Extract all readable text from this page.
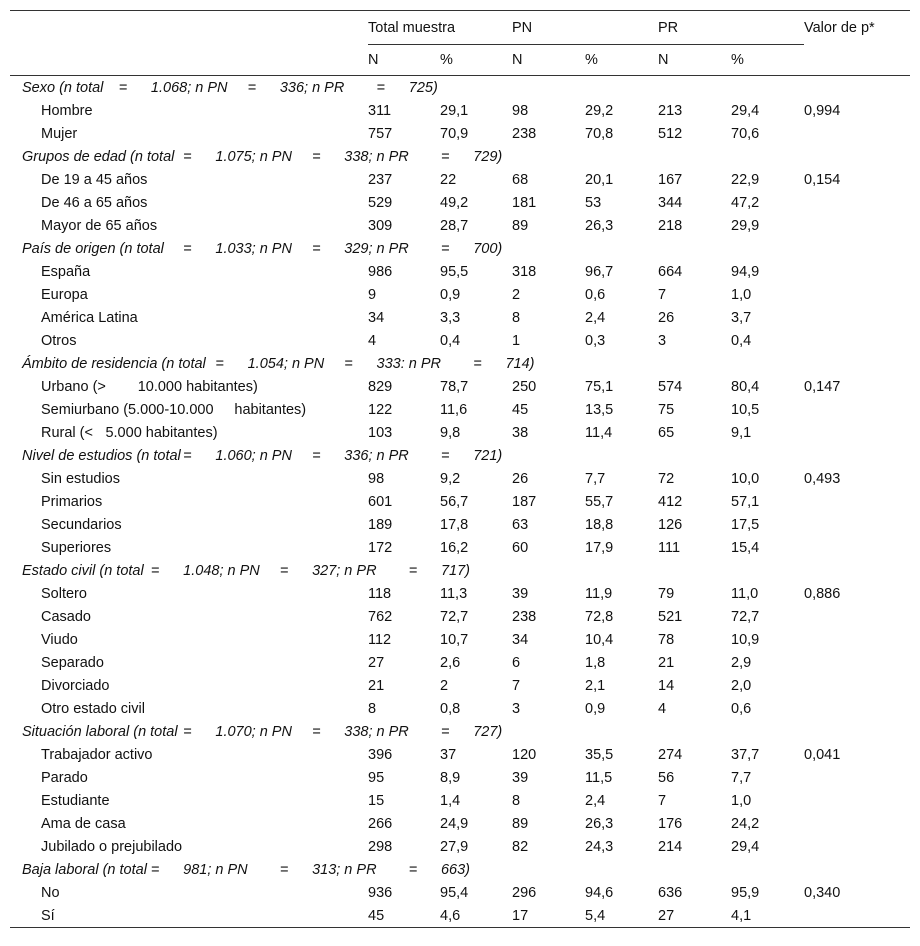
	Total muestra		PN		PR		Valor de p*
	N	%	N	%	N	%	
Sexo (n total	=	1.068; n PN	=	336; n PR	=	725)							
Hombre	311	29,1	98	29,2	213	29,4	0,994
Mujer	757	70,9	238	70,8	512	70,6	
Grupos de edad (n total	=	1.075; n PN	=	338; n PR	=	729)							
De 19 a 45 años	237	22	68	20,1	167	22,9	0,154
De 46 a 65 años	529	49,2	181	53	344	47,2	
Mayor de 65 años	309	28,7	89	26,3	218	29,9	
País de origen (n total	=	1.033; n PN	=	329; n PR	=	700)							
España	986	95,5	318	96,7	664	94,9	
Europa	9	0,9	2	0,6	7	1,0	
América Latina	34	3,3	8	2,4	26	3,7	
Otros	4	0,4	1	0,3	3	0,4	
Ámbito de residencia (n total	=	1.054; n PN	=	333: n PR	=	714)							
Urbano (>	10.000 habitantes)	829	78,7	250	75,1	574	80,4	0,147
Semiurbano (5.000-10.000	habitantes)	122	11,6	45	13,5	75	10,5	
Rural (<	5.000 habitantes)	103	9,8	38	11,4	65	9,1	
Nivel de estudios (n total	=	1.060; n PN	=	336; n PR	=	721)							
Sin estudios	98	9,2	26	7,7	72	10,0	0,493
Primarios	601	56,7	187	55,7	412	57,1	
Secundarios	189	17,8	63	18,8	126	17,5	
Superiores	172	16,2	60	17,9	111	15,4	
Estado civil (n total	=	1.048; n PN	=	327; n PR	=	717)							
Soltero	118	11,3	39	11,9	79	11,0	0,886
Casado	762	72,7	238	72,8	521	72,7	
Viudo	112	10,7	34	10,4	78	10,9	
Separado	27	2,6	6	1,8	21	2,9	
Divorciado	21	2	7	2,1	14	2,0	
Otro estado civil	8	0,8	3	0,9	4	0,6	
Situación laboral (n total	=	1.070; n PN	=	338; n PR	=	727)							
Trabajador activo	396	37	120	35,5	274	37,7	0,041
Parado	95	8,9	39	11,5	56	7,7	
Estudiante	15	1,4	8	2,4	7	1,0	
Ama de casa	266	24,9	89	26,3	176	24,2	
Jubilado o prejubilado	298	27,9	82	24,3	214	29,4	
Baja laboral (n total	=	981; n PN	=	313; n PR	=	663)							
No	936	95,4	296	94,6	636	95,9	0,340
Sí	45	4,6	17	5,4	27	4,1	
